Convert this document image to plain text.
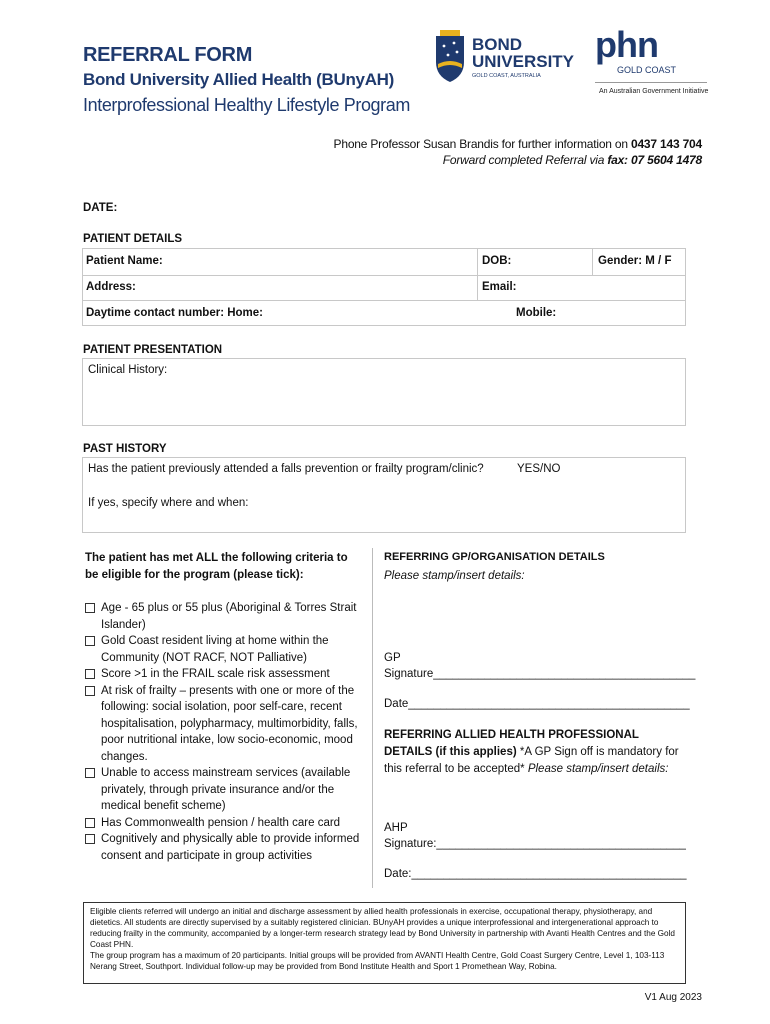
REFERRAL FORM
Bond University Allied Health (BUnyAH)
Interprofessional Healthy Lifestyle Program
BOND
UNIVERSITY
GOLD COAST, AUSTRALIA
phn
GOLD COAST
An Australian Government Initiative
Phone Professor Susan Brandis for further information on 0437 143 704
Forward completed Referral via fax: 07 5604 1478
DATE:
PATIENT DETAILS
Patient Name:	DOB:	Gender: M / F
Address:	Email:
Daytime contact number: Home:	Mobile:
PATIENT PRESENTATION
Clinical History:
PAST HISTORY
Has the patient previously attended a falls prevention or frailty program/clinic?	YES/NO
If yes, specify where and when:
The patient has met ALL the following criteria to be eligible for the program (please tick):
Age - 65 plus or 55 plus (Aboriginal & Torres Strait Islander)
Gold Coast resident living at home within the Community (NOT RACF, NOT Palliative)
Score >1 in the FRAIL scale risk assessment
At risk of frailty – presents with one or more of the following: social isolation, poor self-care, recent hospitalisation, polypharmacy, multimorbidity, falls, poor nutritional intake, low socio-economic, mood changes.
Unable to access mainstream services (available privately, through private insurance and/or the medical benefit scheme)
Has Commonwealth pension / health care card
Cognitively and physically able to provide informed consent and participate in group activities
REFERRING GP/ORGANISATION DETAILS
Please stamp/insert details:
GP
Signature_________________________________________
Date____________________________________________
REFERRING ALLIED HEALTH PROFESSIONAL DETAILS (if this applies) *A GP Sign off is mandatory for this referral to be accepted* Please stamp/insert details:
AHP
Signature:_______________________________________
Date:___________________________________________
Eligible clients referred will undergo an initial and discharge assessment by allied health professionals in exercise, occupational therapy, physiotherapy, and dietetics. All students are directly supervised by a suitably registered clinician. BUnyAH provides a unique interprofessional and intergenerational approach to reducing frailty in the community, accompanied by a longer-term research strategy lead by Bond University in partnership with Avanti Health Centres and the Gold Coast PHN.
The group program has a maximum of 20 participants. Initial groups will be provided from AVANTI Health Centre, Gold Coast Surgery Centre, Level 1, 103-113 Nerang Street, Southport. Individual follow-up may be provided from Bond Institute Health and Sport 1 Promethean Way, Robina.
V1 Aug 2023
